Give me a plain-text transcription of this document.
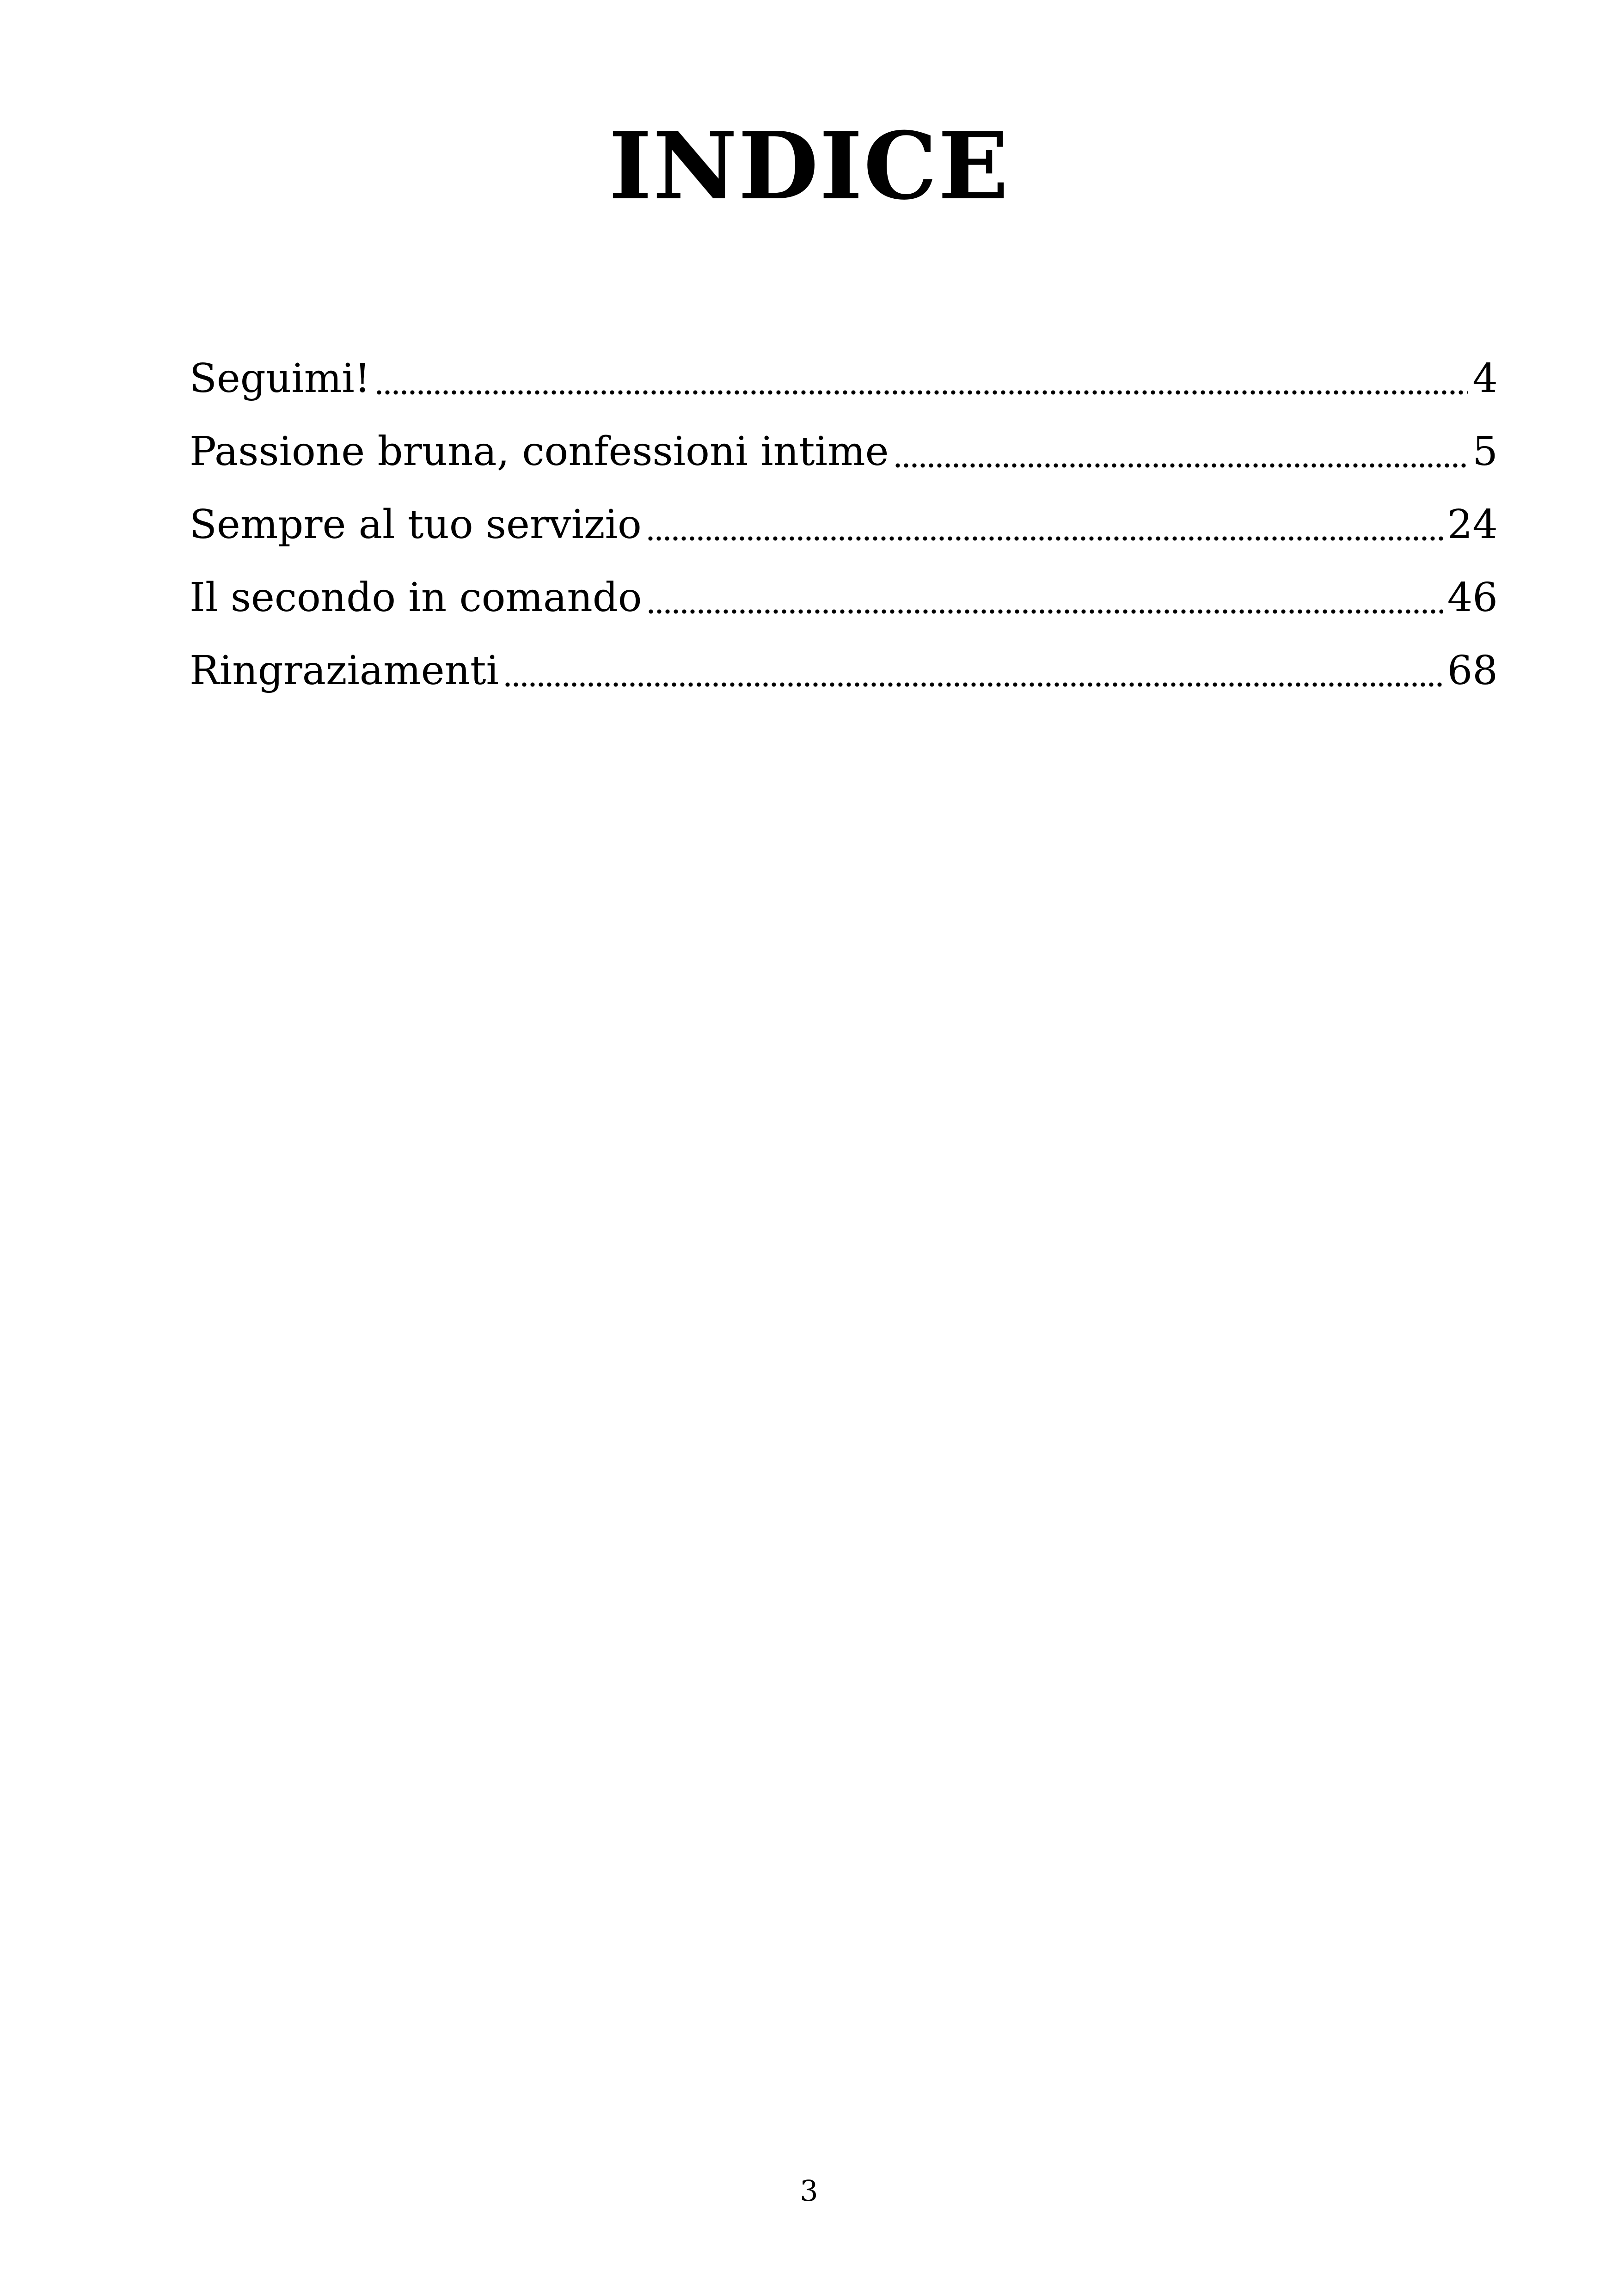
INDICE
Seguimi!	4
Passione bruna, confessioni intime	5
Sempre al tuo servizio	24
Il secondo in comando	46
Ringraziamenti	68
3
